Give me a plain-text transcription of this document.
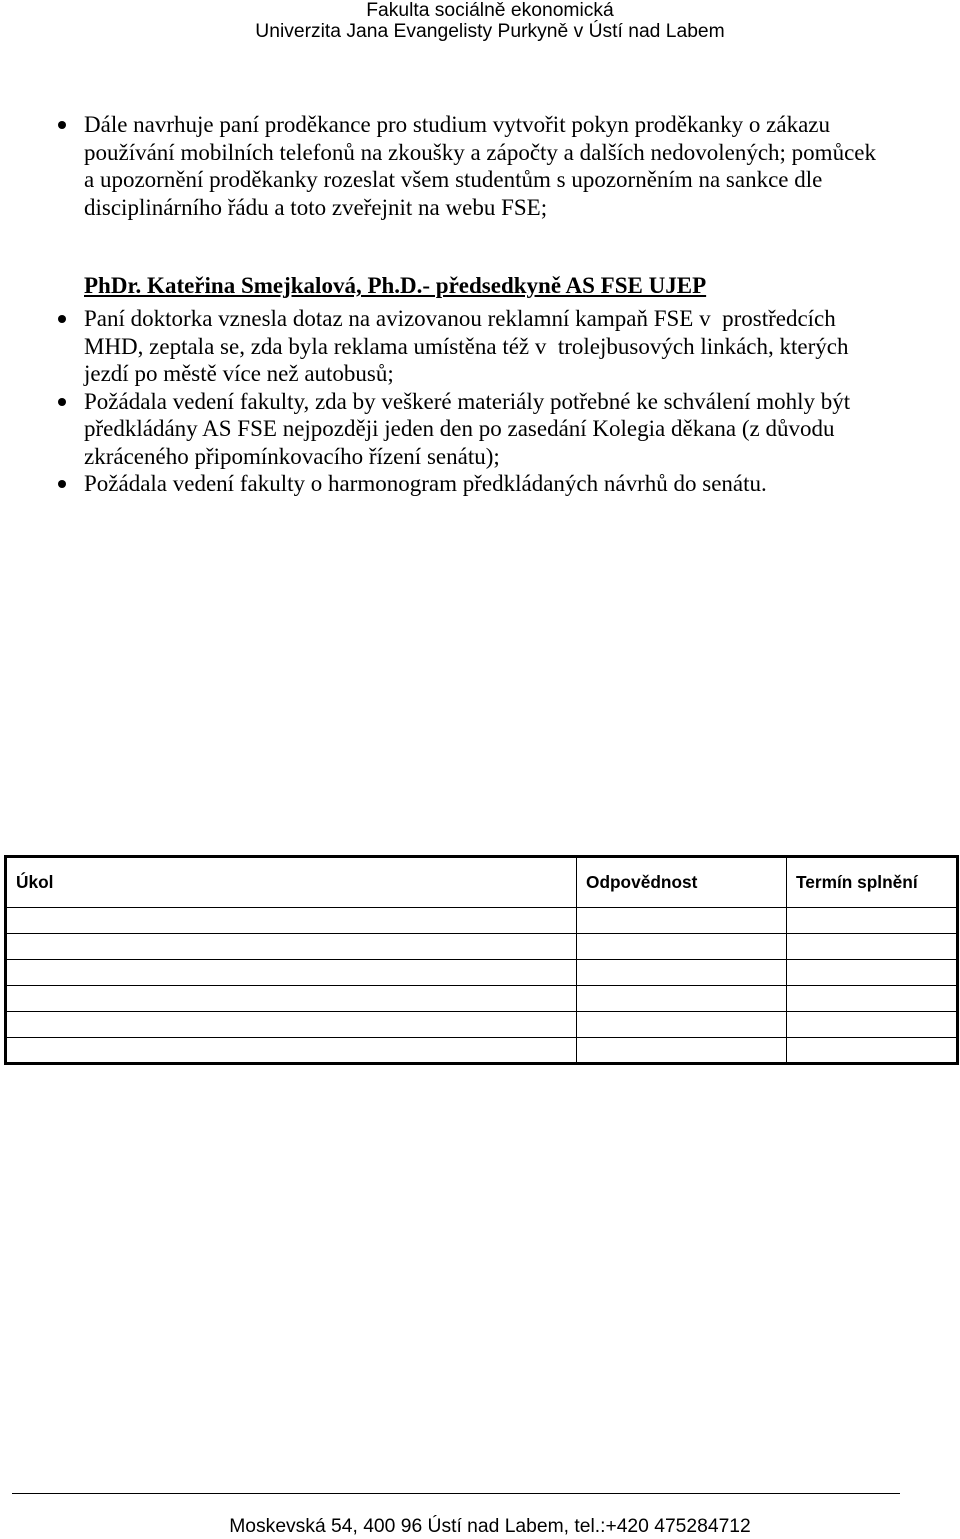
Fakulta sociálně ekonomická
Univerzita Jana Evangelisty Purkyně v Ústí nad Labem
Dále navrhuje paní proděkance pro studium vytvořit pokyn proděkanky o zákazu
používání mobilních telefonů na zkoušky a zápočty a dalších nedovolených; pomůcek
a upozornění proděkanky rozeslat všem studentům s upozorněním na sankce dle
disciplinárního řádu a toto zveřejnit na webu FSE;
PhDr. Kateřina Smejkalová, Ph.D.- předsedkyně AS FSE UJEP
Paní doktorka vznesla dotaz na avizovanou reklamní kampaň FSE v  prostředcích
MHD, zeptala se, zda byla reklama umístěna též v  trolejbusových linkách, kterých
jezdí po městě více než autobusů;
Požádala vedení fakulty, zda by veškeré materiály potřebné ke schválení mohly být
předkládány AS FSE nejpozději jeden den po zasedání Kolegia děkana (z důvodu
zkráceného připomínkovacího řízení senátu);
Požádala vedení fakulty o harmonogram předkládaných návrhů do senátu.
Úkol	Odpovědnost	Termín splnění

Moskevská 54, 400 96 Ústí nad Labem, tel.:+420 475284712
